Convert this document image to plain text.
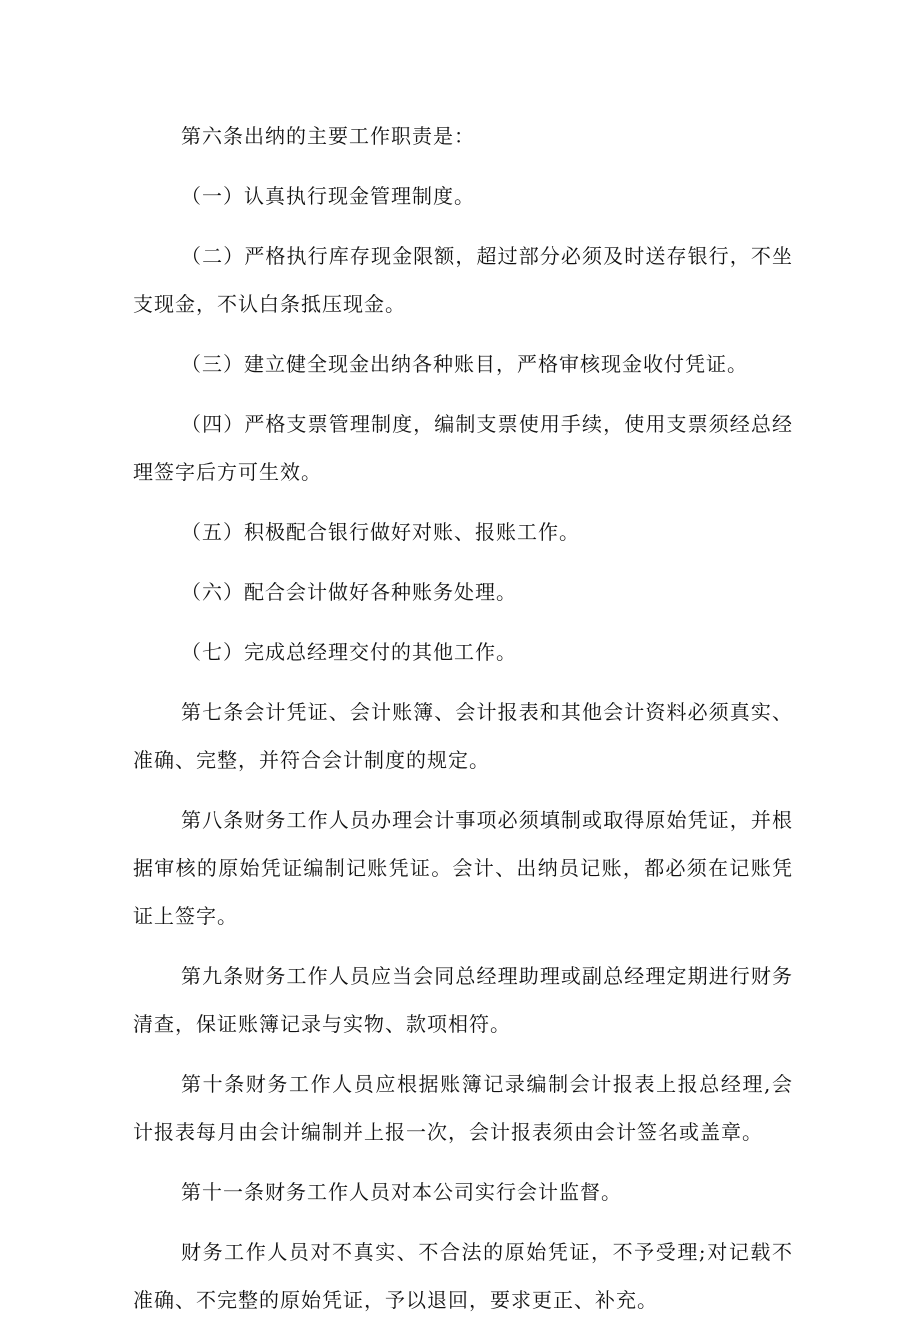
第六条出纳的主要工作职责是：

（一）认真执行现金管理制度。

（二）严格执行库存现金限额，超过部分必须及时送存银行，不坐支现金，不认白条抵压现金。

（三）建立健全现金出纳各种账目，严格审核现金收付凭证。

（四）严格支票管理制度，编制支票使用手续，使用支票须经总经理签字后方可生效。

（五）积极配合银行做好对账、报账工作。

（六）配合会计做好各种账务处理。

（七）完成总经理交付的其他工作。

第七条会计凭证、会计账簿、会计报表和其他会计资料必须真实、准确、完整，并符合会计制度的规定。

第八条财务工作人员办理会计事项必须填制或取得原始凭证，并根据审核的原始凭证编制记账凭证。会计、出纳员记账，都必须在记账凭证上签字。

第九条财务工作人员应当会同总经理助理或副总经理定期进行财务清查，保证账簿记录与实物、款项相符。

第十条财务工作人员应根据账簿记录编制会计报表上报总经理,会计报表每月由会计编制并上报一次，会计报表须由会计签名或盖章。

第十一条财务工作人员对本公司实行会计监督。

财务工作人员对不真实、不合法的原始凭证，不予受理;对记载不准确、不完整的原始凭证，予以退回，要求更正、补充。
